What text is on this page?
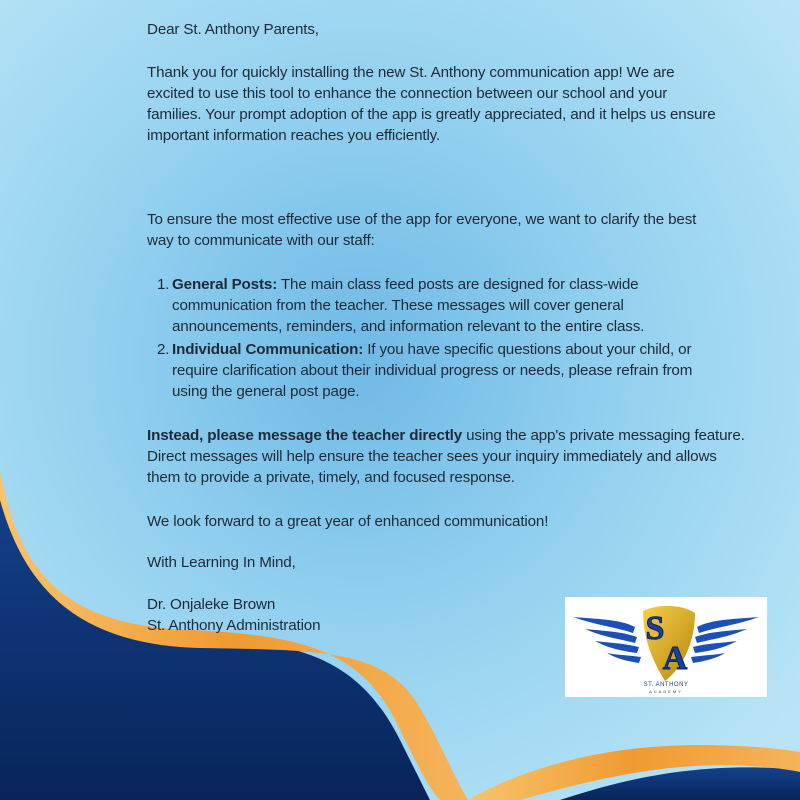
Dear St. Anthony Parents,
Thank you for quickly installing the new St. Anthony communication app! We are
excited to use this tool to enhance the connection between our school and your
families. Your prompt adoption of the app is greatly appreciated, and it helps us ensure
important information reaches you efficiently.
To ensure the most effective use of the app for everyone, we want to clarify the best
way to communicate with our staff:
1. General Posts: The main class feed posts are designed for class-wide
communication from the teacher. These messages will cover general
announcements, reminders, and information relevant to the entire class.
2. Individual Communication: If you have specific questions about your child, or
require clarification about their individual progress or needs, please refrain from
using the general post page.
Instead, please message the teacher directly using the app's private messaging feature.
Direct messages will help ensure the teacher sees your inquiry immediately and allows
them to provide a private, timely, and focused response.
We look forward to a great year of enhanced communication!
With Learning In Mind,
Dr. Onjaleke Brown
St. Anthony Administration	S
A
ST. ANTHONY
ACADEMY
